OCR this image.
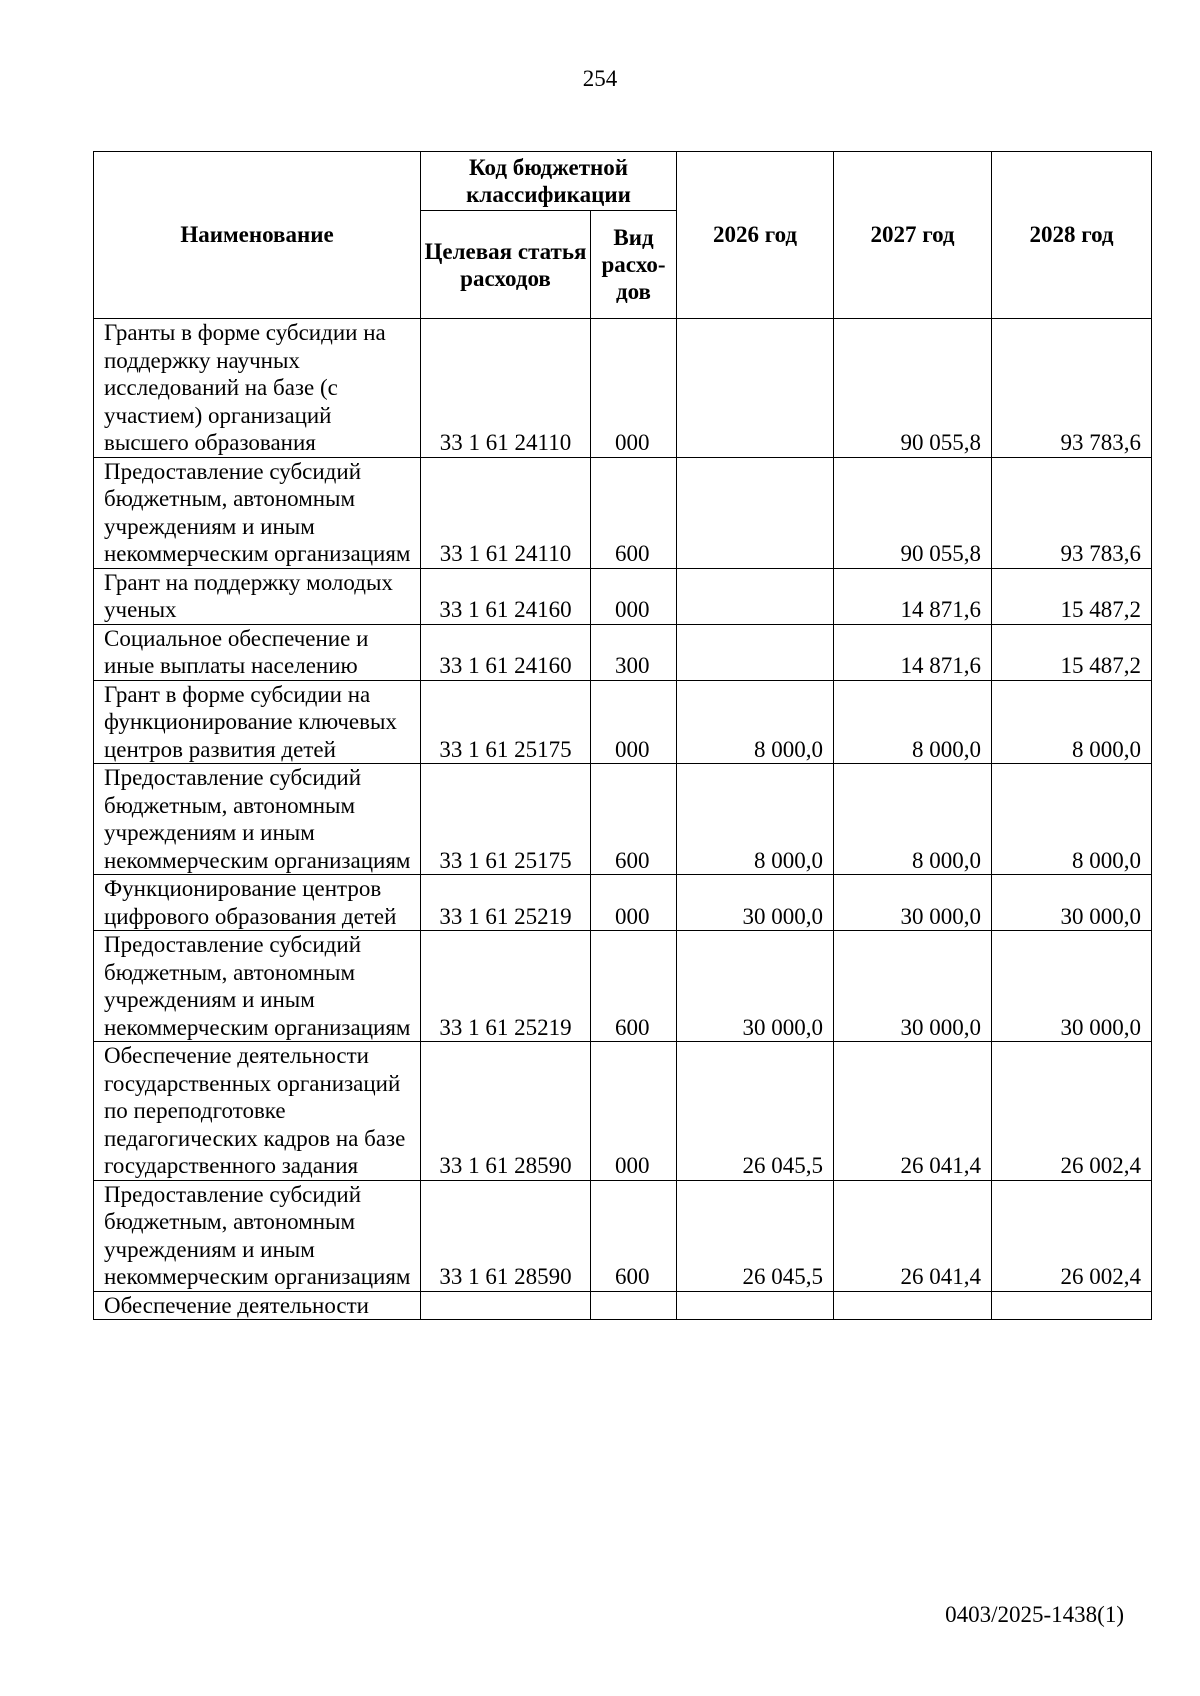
254
Наименование	Код бюджетной классификации		2026 год	2027 год	2028 год
	Целевая статья расходов	Вид расхо-дов			
Гранты в форме субсидии на поддержку научных исследований на базе (с участием) организаций высшего образования	33 1 61 24110	000		90 055,8	93 783,6
Предоставление субсидий бюджетным, автономным учреждениям и иным некоммерческим организациям	33 1 61 24110	600		90 055,8	93 783,6
Грант на поддержку молодых ученых	33 1 61 24160	000		14 871,6	15 487,2
Социальное обеспечение и иные выплаты населению	33 1 61 24160	300		14 871,6	15 487,2
Грант в форме субсидии на функционирование ключевых центров развития детей	33 1 61 25175	000	8 000,0	8 000,0	8 000,0
Предоставление субсидий бюджетным, автономным учреждениям и иным некоммерческим организациям	33 1 61 25175	600	8 000,0	8 000,0	8 000,0
Функционирование центров цифрового образования детей	33 1 61 25219	000	30 000,0	30 000,0	30 000,0
Предоставление субсидий бюджетным, автономным учреждениям и иным некоммерческим организациям	33 1 61 25219	600	30 000,0	30 000,0	30 000,0
Обеспечение деятельности государственных организаций по переподготовке педагогических кадров на базе государственного задания	33 1 61 28590	000	26 045,5	26 041,4	26 002,4
Предоставление субсидий бюджетным, автономным учреждениям и иным некоммерческим организациям	33 1 61 28590	600	26 045,5	26 041,4	26 002,4
Обеспечение деятельности					
0403/2025-1438(1)
